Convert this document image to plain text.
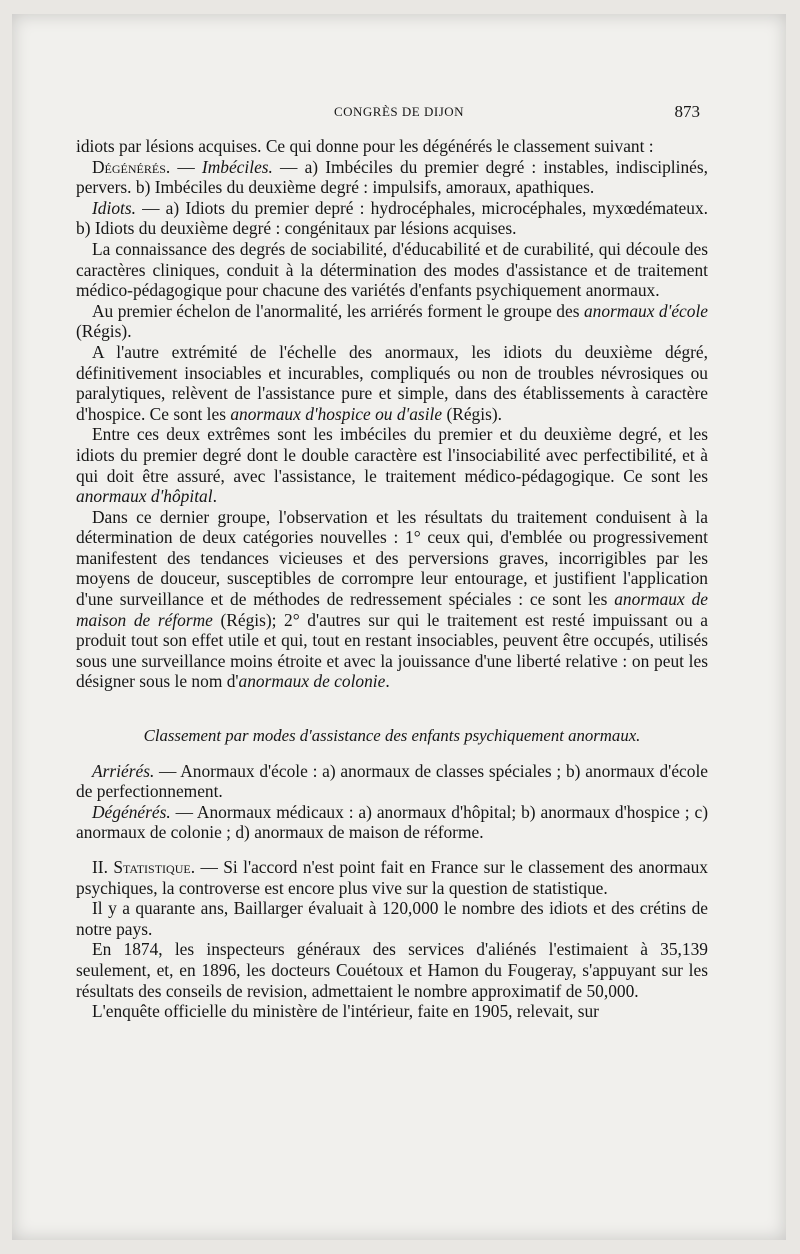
CONGRÈS DE DIJON	873

idiots par lésions acquises. Ce qui donne pour les dégénérés le classement suivant :

Dégénérés. — Imbéciles. — a) Imbéciles du premier degré : instables, indisciplinés, pervers. b) Imbéciles du deuxième degré : impulsifs, amoraux, apathiques.

Idiots. — a) Idiots du premier depré : hydrocéphales, microcéphales, myxœdémateux. b) Idiots du deuxième degré : congénitaux par lésions acquises.

La connaissance des degrés de sociabilité, d'éducabilité et de curabilité, qui découle des caractères cliniques, conduit à la détermination des modes d'assistance et de traitement médico-pédagogique pour chacune des variétés d'enfants psychiquement anormaux.

Au premier échelon de l'anormalité, les arriérés forment le groupe des anormaux d'école (Régis).

A l'autre extrémité de l'échelle des anormaux, les idiots du deuxième dégré, définitivement insociables et incurables, compliqués ou non de troubles névrosiques ou paralytiques, relèvent de l'assistance pure et simple, dans des établissements à caractère d'hospice. Ce sont les anormaux d'hospice ou d'asile (Régis).

Entre ces deux extrêmes sont les imbéciles du premier et du deuxième degré, et les idiots du premier degré dont le double caractère est l'insociabilité avec perfectibilité, et à qui doit être assuré, avec l'assistance, le traitement médico-pédagogique. Ce sont les anormaux d'hôpital.

Dans ce dernier groupe, l'observation et les résultats du traitement conduisent à la détermination de deux catégories nouvelles : 1° ceux qui, d'emblée ou progressivement manifestent des tendances vicieuses et des perversions graves, incorrigibles par les moyens de douceur, susceptibles de corrompre leur entourage, et justifient l'application d'une surveillance et de méthodes de redressement spéciales : ce sont les anormaux de maison de réforme (Régis); 2° d'autres sur qui le traitement est resté impuissant ou a produit tout son effet utile et qui, tout en restant insociables, peuvent être occupés, utilisés sous une surveillance moins étroite et avec la jouissance d'une liberté relative : on peut les désigner sous le nom d'anormaux de colonie.

Classement par modes d'assistance des enfants psychiquement anormaux.

Arriérés. — Anormaux d'école : a) anormaux de classes spéciales ; b) anormaux d'école de perfectionnement.

Dégénérés. — Anormaux médicaux : a) anormaux d'hôpital; b) anormaux d'hospice ; c) anormaux de colonie ; d) anormaux de maison de réforme.

II. Statistique. — Si l'accord n'est point fait en France sur le classement des anormaux psychiques, la controverse est encore plus vive sur la question de statistique.

Il y a quarante ans, Baillarger évaluait à 120,000 le nombre des idiots et des crétins de notre pays.

En 1874, les inspecteurs généraux des services d'aliénés l'estimaient à 35,139 seulement, et, en 1896, les docteurs Couétoux et Hamon du Fougeray, s'appuyant sur les résultats des conseils de revision, admettaient le nombre approximatif de 50,000.

L'enquête officielle du ministère de l'intérieur, faite en 1905, relevait, sur
